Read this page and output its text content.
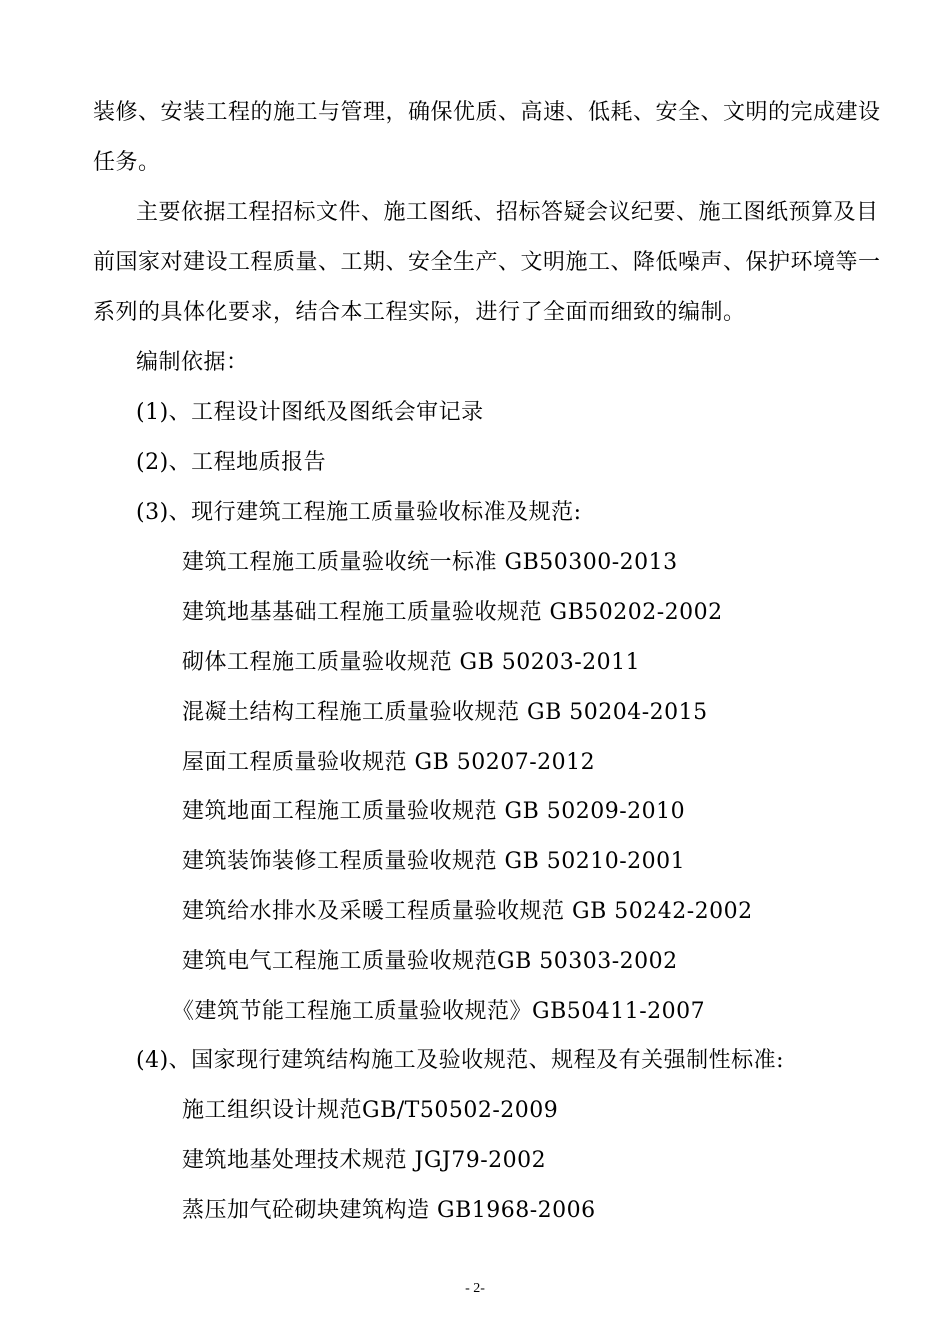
装修、安装工程的施工与管理，确保优质、高速、低耗、安全、文明的完成建设
任务。
主要依据工程招标文件、施工图纸、招标答疑会议纪要、施工图纸预算及目
前国家对建设工程质量、工期、安全生产、文明施工、降低噪声、保护环境等一
系列的具体化要求，结合本工程实际，进行了全面而细致的编制。
编制依据：
(1)、工程设计图纸及图纸会审记录
(2)、工程地质报告
(3)、现行建筑工程施工质量验收标准及规范:
建筑工程施工质量验收统一标准 GB50300-2013
建筑地基基础工程施工质量验收规范 GB50202-2002
砌体工程施工质量验收规范 GB 50203-2011
混凝土结构工程施工质量验收规范 GB 50204-2015
屋面工程质量验收规范 GB 50207-2012
建筑地面工程施工质量验收规范 GB 50209-2010
建筑装饰装修工程质量验收规范 GB 50210-2001
建筑给水排水及采暖工程质量验收规范 GB 50242-2002
建筑电气工程施工质量验收规范GB 50303-2002
《建筑节能工程施工质量验收规范》GB50411-2007
(4)、国家现行建筑结构施工及验收规范、规程及有关强制性标准:
施工组织设计规范GB/T50502-2009
建筑地基处理技术规范 JGJ79-2002
蒸压加气砼砌块建筑构造 GB1968-2006
- 2-
